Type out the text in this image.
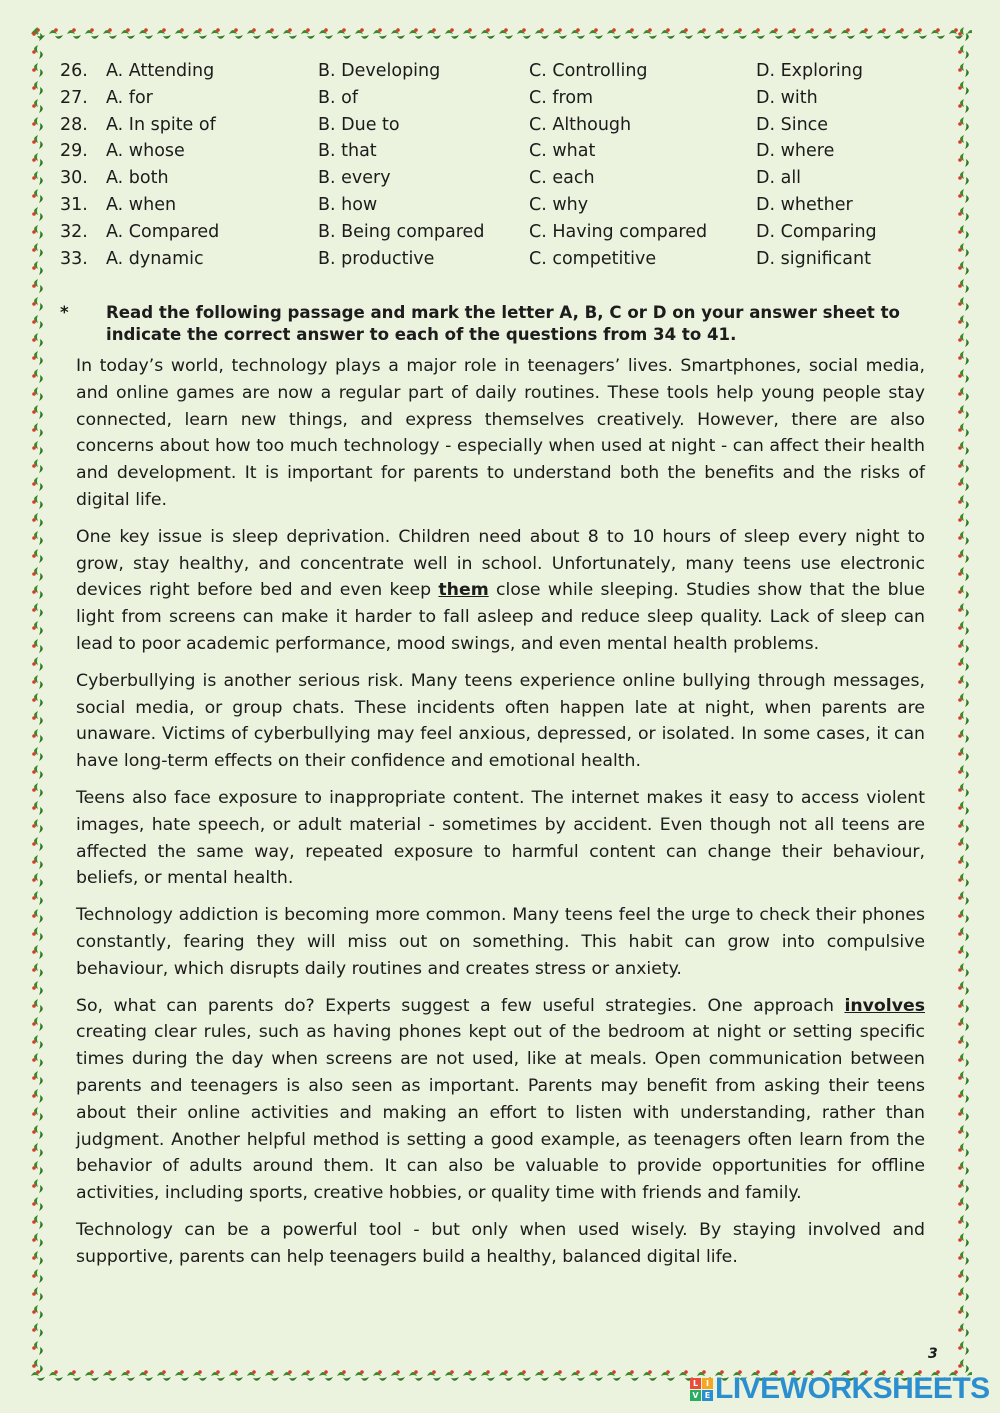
26. A. Attending	B. Developing	C. Controlling	D. Exploring
27. A. for	B. of	C. from	D. with
28. A. In spite of	B. Due to	C. Although	D. Since
29. A. whose	B. that	C. what	D. where
30. A. both	B. every	C. each	D. all
31. A. when	B. how	C. why	D. whether
32. A. Compared	B. Being compared	C. Having compared	D. Comparing
33. A. dynamic	B. productive	C. competitive	D. significant
* Read the following passage and mark the letter A, B, C or D on your answer sheet to indicate the correct answer to each of the questions from 34 to 41.

In today’s world, technology plays a major role in teenagers’ lives. Smartphones, social media, and online games are now a regular part of daily routines. These tools help young people stay connected, learn new things, and express themselves creatively. However, there are also concerns about how too much technology - especially when used at night - can affect their health and development. It is important for parents to understand both the benefits and the risks of digital life.

One key issue is sleep deprivation. Children need about 8 to 10 hours of sleep every night to grow, stay healthy, and concentrate well in school. Unfortunately, many teens use electronic devices right before bed and even keep them close while sleeping. Studies show that the blue light from screens can make it harder to fall asleep and reduce sleep quality. Lack of sleep can lead to poor academic performance, mood swings, and even mental health problems.

Cyberbullying is another serious risk. Many teens experience online bullying through messages, social media, or group chats. These incidents often happen late at night, when parents are unaware. Victims of cyberbullying may feel anxious, depressed, or isolated. In some cases, it can have long-term effects on their confidence and emotional health.

Teens also face exposure to inappropriate content. The internet makes it easy to access violent images, hate speech, or adult material - sometimes by accident. Even though not all teens are affected the same way, repeated exposure to harmful content can change their behaviour, beliefs, or mental health.

Technology addiction is becoming more common. Many teens feel the urge to check their phones constantly, fearing they will miss out on something. This habit can grow into compulsive behaviour, which disrupts daily routines and creates stress or anxiety.

So, what can parents do? Experts suggest a few useful strategies. One approach involves creating clear rules, such as having phones kept out of the bedroom at night or setting specific times during the day when screens are not used, like at meals. Open communication between parents and teenagers is also seen as important. Parents may benefit from asking their teens about their online activities and making an effort to listen with understanding, rather than judgment. Another helpful method is setting a good example, as teenagers often learn from the behavior of adults around them. It can also be valuable to provide opportunities for offline activities, including sports, creative hobbies, or quality time with friends and family.

Technology can be a powerful tool - but only when used wisely. By staying involved and supportive, parents can help teenagers build a healthy, balanced digital life.

3
L I
V E LIVEWORKSHEETS
